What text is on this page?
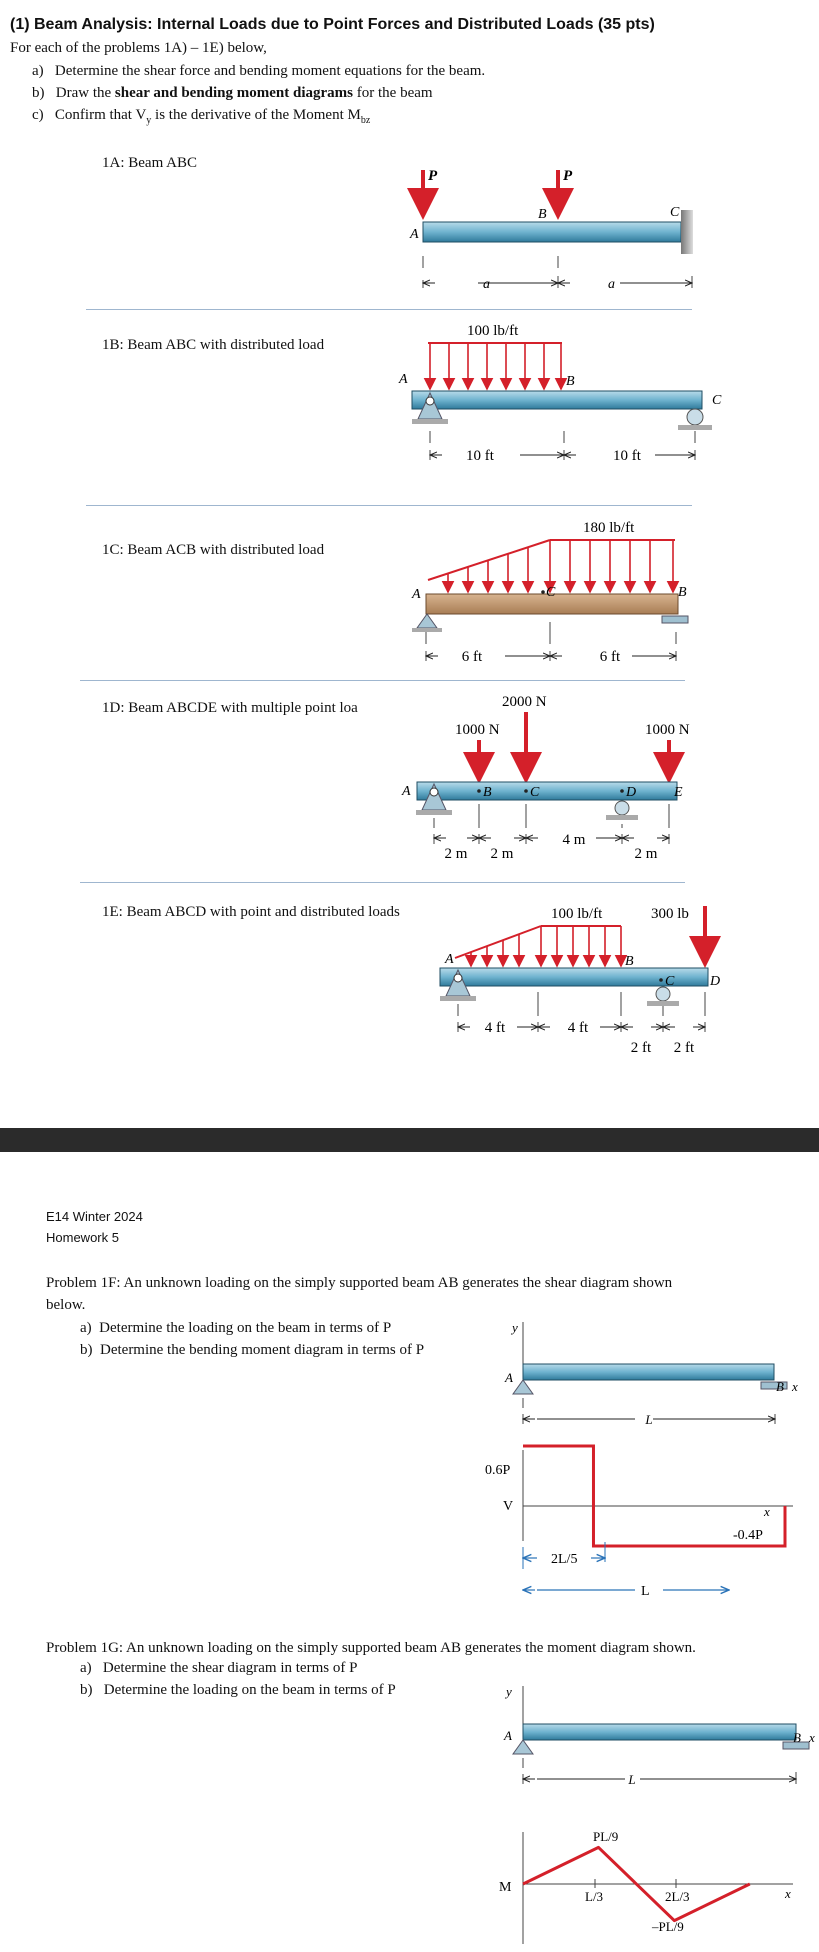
(1) Beam Analysis: Internal Loads due to Point Forces and Distributed Loads (35 pts)
For each of the problems 1A) – 1E) below,
a) Determine the shear force and bending moment equations for the beam.
b) Draw the shear and bending moment diagrams for the beam
c) Confirm that $V_y$ is the derivative of the Moment $M_{bz}$
1A: Beam ABC
P	P
A
B	C
a	a
1B: Beam ABC with distributed load
100 lb/ft
A	B
C
10 ft	10 ft
1C: Beam ACB with distributed load
180 lb/ft
A	C	B
6 ft	6 ft
1D: Beam ABCDE with multiple point loa	2000 N
1000 N	1000 N
A	B	C	D	E
2 m 2 m
4 m
2 m
1E: Beam ABCD with point and distributed loads	100 lb/ft	300 lb
A	B
C	D
4 ft	4 ft
2 ft 2 ft
E14 Winter 2024
Homework 5
Problem 1F: An unknown loading on the simply supported beam AB generates the shear diagram shown
below.
a) Determine the loading on the beam in terms of P
b) Determine the bending moment diagram in terms of P
y
A
B x
L
0.6P
V
-0.4P
x
2L/5
L
Problem 1G: An unknown loading on the simply supported beam AB generates the moment diagram shown.
a) Determine the shear diagram in terms of P
b) Determine the loading on the beam in terms of P	y
A	B x
L
M	x
PL/9
–PL/9
L/3	2L/3
